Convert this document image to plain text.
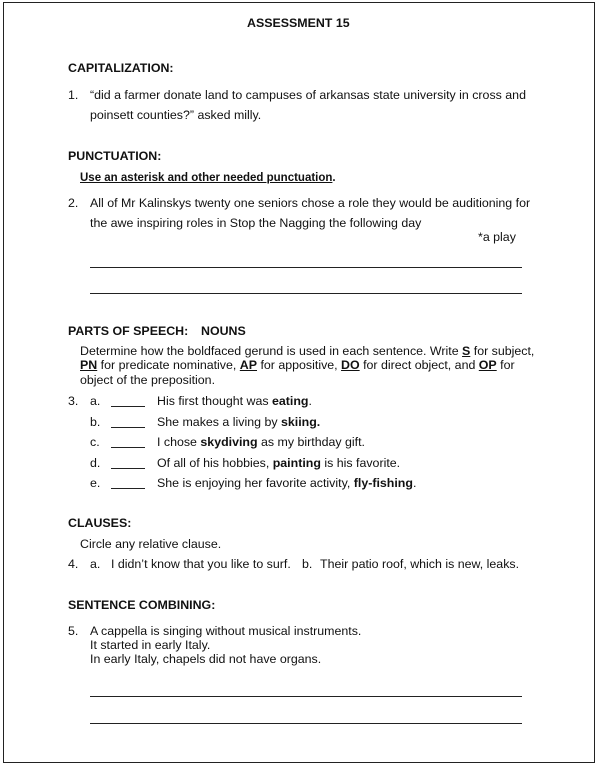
ASSESSMENT 15
CAPITALIZATION:
1. “did a farmer donate land to campuses of arkansas state university in cross and
poinsett counties?” asked milly.
PUNCTUATION:
Use an asterisk and other needed punctuation.
2. All of Mr Kalinskys twenty one seniors chose a role they would be auditioning for
the awe inspiring roles in Stop the Nagging the following day
*a play
PARTS OF SPEECH: NOUNS
Determine how the boldfaced gerund is used in each sentence. Write S for subject,
PN for predicate nominative, AP for appositive, DO for direct object, and OP for
object of the preposition.
3. a.	His first thought was eating.
b.	She makes a living by skiing.
c.	I chose skydiving as my birthday gift.
d.	Of all of his hobbies, painting is his favorite.
e.	She is enjoying her favorite activity, fly-fishing.
CLAUSES:
Circle any relative clause.
4. a. I didn’t know that you like to surf. b. Their patio roof, which is new, leaks.
SENTENCE COMBINING:
5. A cappella is singing without musical instruments.
It started in early Italy.
In early Italy, chapels did not have organs.
